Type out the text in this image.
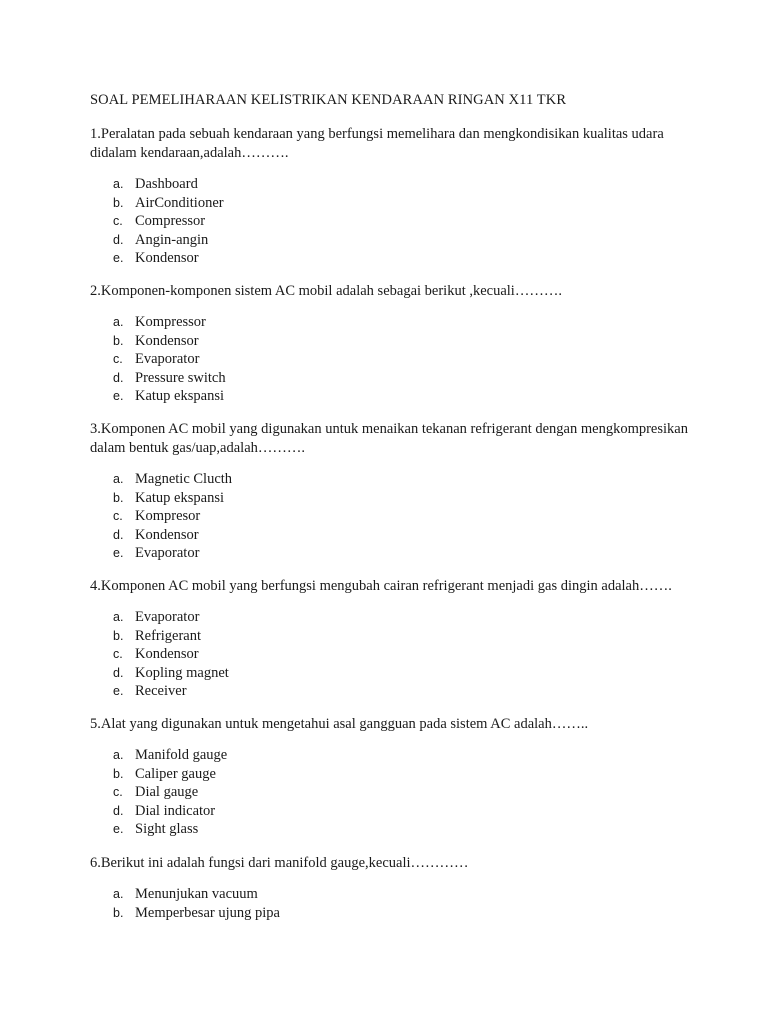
SOAL PEMELIHARAAN KELISTRIKAN KENDARAAN RINGAN X11 TKR

1.Peralatan pada sebuah kendaraan yang berfungsi memelihara dan mengkondisikan kualitas udara didalam kendaraan,adalah……….

a. Dashboard
b. AirConditioner
c. Compressor
d. Angin-angin
e. Kondensor

2.Komponen-komponen sistem AC mobil adalah sebagai berikut ,kecuali……….

a. Kompressor
b. Kondensor
c. Evaporator
d. Pressure switch
e. Katup ekspansi

3.Komponen AC mobil yang digunakan untuk menaikan tekanan refrigerant dengan mengkompresikan dalam bentuk gas/uap,adalah……….

a. Magnetic Clucth
b. Katup ekspansi
c. Kompresor
d. Kondensor
e. Evaporator

4.Komponen AC mobil yang berfungsi mengubah cairan refrigerant menjadi gas dingin adalah…….

a. Evaporator
b. Refrigerant
c. Kondensor
d. Kopling magnet
e. Receiver

5.Alat yang digunakan untuk mengetahui asal gangguan pada sistem AC adalah……..

a. Manifold gauge
b. Caliper gauge
c. Dial gauge
d. Dial indicator
e. Sight glass

6.Berikut ini adalah fungsi dari manifold gauge,kecuali…………

a. Menunjukan vacuum
b. Memperbesar ujung pipa
